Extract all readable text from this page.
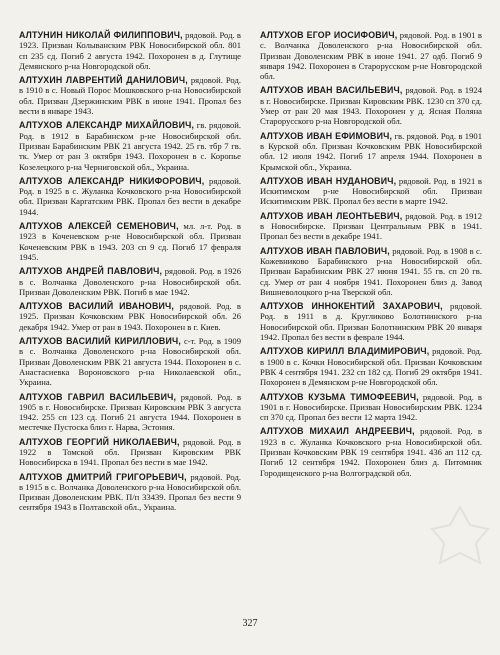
АЛТУНИН НИКОЛАЙ ФИЛИППОВИЧ, рядовой. Род. в 1923. Призван Колыванским РВК Новосибирской обл. 801 сп 235 сд. Погиб 2 августа 1942. Похоронен в д. Глутище Демянского р-на Новгородской обл.

АЛТУХИН ЛАВРЕНТИЙ ДАНИЛОВИЧ, рядовой. Род. в 1910 в с. Новый Порос Мошковского р-на Новосибирской обл. Призван Дзержинским РВК в июне 1941. Пропал без вести в январе 1943.

АЛТУХОВ АЛЕКСАНДР МИХАЙЛОВИЧ, гв. рядовой. Род. в 1912 в Барабинском р-не Новосибирской обл. Призван Барабинским РВК 21 августа 1942. 25 гв. тбр 7 гв. тк. Умер от ран 3 октября 1943. Похоронен в с. Коропье Козелецкого р-на Черниговской обл., Украина.

АЛТУХОВ АЛЕКСАНДР НИКИФОРОВИЧ, рядовой. Род. в 1925 в с. Жуланка Кочковского р-на Новосибирской обл. Призван Каргатским РВК. Пропал без вести в декабре 1944.

АЛТУХОВ АЛЕКСЕЙ СЕМЕНОВИЧ, мл. л-т. Род. в 1923 в Коченевском р-не Новосибирской обл. Призван Коченевским РВК в 1943. 203 сп 9 сд. Погиб 17 февраля 1945.

АЛТУХОВ АНДРЕЙ ПАВЛОВИЧ, рядовой. Род. в 1926 в с. Волчанка Доволенского р-на Новосибирской обл. Призван Доволенским РВК. Погиб в мае 1942.

АЛТУХОВ ВАСИЛИЙ ИВАНОВИЧ, рядовой. Род. в 1925. Призван Кочковским РВК Новосибирской обл. 26 декабря 1942. Умер от ран в 1943. Похоронен в г. Киев.

АЛТУХОВ ВАСИЛИЙ КИРИЛЛОВИЧ, с-т. Род. в 1909 в с. Волчанка Доволенского р-на Новосибирской обл. Призван Доволенским РВК 21 августа 1944. Похоронен в с. Анастасиевка Вороновского р-на Николаевской обл., Украина.

АЛТУХОВ ГАВРИЛ ВАСИЛЬЕВИЧ, рядовой. Род. в 1905 в г. Новосибирске. Призван Кировским РВК 3 августа 1942. 255 сп 123 сд. Погиб 21 августа 1944. Похоронен в местечке Пустоска близ г. Нарва, Эстония.

АЛТУХОВ ГЕОРГИЙ НИКОЛАЕВИЧ, рядовой. Род. в 1922 в Томской обл. Призван Кировским РВК Новосибирска в 1941. Пропал без вести в мае 1942.

АЛТУХОВ ДМИТРИЙ ГРИГОРЬЕВИЧ, рядовой. Род. в 1915 в с. Волчанка Доволенского р-на Новосибирской обл. Призван Доволенским РВК. П/п 33439. Пропал без вести 9 сентября 1943 в Полтавской обл., Украина.

АЛТУХОВ ЕГОР ИОСИФОВИЧ, рядовой. Род. в 1901 в с. Волчанка Доволенского р-на Новосибирской обл. Призван Доволенским РВК в июне 1941. 27 одб. Погиб 9 января 1942. Похоронен в Старорусском р-не Новгородской обл.

АЛТУХОВ ИВАН ВАСИЛЬЕВИЧ, рядовой. Род. в 1924 в г. Новосибирске. Призван Кировским РВК. 1230 сп 370 сд. Умер от ран 20 мая 1943. Похоронен у д. Ясная Поляна Старорусского р-на Новгородской обл.

АЛТУХОВ ИВАН ЕФИМОВИЧ, гв. рядовой. Род. в 1901 в Курской обл. Призван Кочковским РВК Новосибирской обл. 12 июля 1942. Погиб 17 апреля 1944. Похоронен в Крымской обл., Украина.

АЛТУХОВ ИВАН НУДАНОВИЧ, рядовой. Род. в 1921 в Искитимском р-не Новосибирской обл. Призван Искитимским РВК. Пропал без вести в марте 1942.

АЛТУХОВ ИВАН ЛЕОНТЬЕВИЧ, рядовой. Род. в 1912 в Новосибирске. Призван Центральным РВК в 1941. Пропал без вести в декабре 1941.

АЛТУХОВ ИВАН ПАВЛОВИЧ, рядовой. Род. в 1908 в с. Кожевниково Барабинского р-на Новосибирской обл. Призван Барабинским РВК 27 июня 1941. 55 гв. сп 20 гв. сд. Умер от ран 4 ноября 1941. Похоронен близ д. Завод Вишневолоцкого р-на Тверской обл.

АЛТУХОВ ИННОКЕНТИЙ ЗАХАРОВИЧ, рядовой. Род. в 1911 в д. Кругликово Болотнинского р-на Новосибирской обл. Призван Болотнинским РВК 20 января 1942. Пропал без вести в феврале 1944.

АЛТУХОВ КИРИЛЛ ВЛАДИМИРОВИЧ, рядовой. Род. в 1900 в с. Кочки Новосибирской обл. Призван Кочковским РВК 4 сентября 1941. 232 сп 182 сд. Погиб 29 октября 1941. Похоронен в Демянском р-не Новгородской обл.

АЛТУХОВ КУЗЬМА ТИМОФЕЕВИЧ, рядовой. Род. в 1901 в г. Новосибирске. Призван Новосибирским РВК. 1234 сп 370 сд. Пропал без вести 12 марта 1942.

АЛТУХОВ МИХАИЛ АНДРЕЕВИЧ, рядовой. Род. в 1923 в с. Жуланка Кочковского р-на Новосибирской обл. Призван Кочковским РВК 19 сентября 1941. 436 ап 112 сд. Погиб 12 сентября 1942. Похоронен близ д. Питомник Городищенского р-на Волгоградской обл.

327
